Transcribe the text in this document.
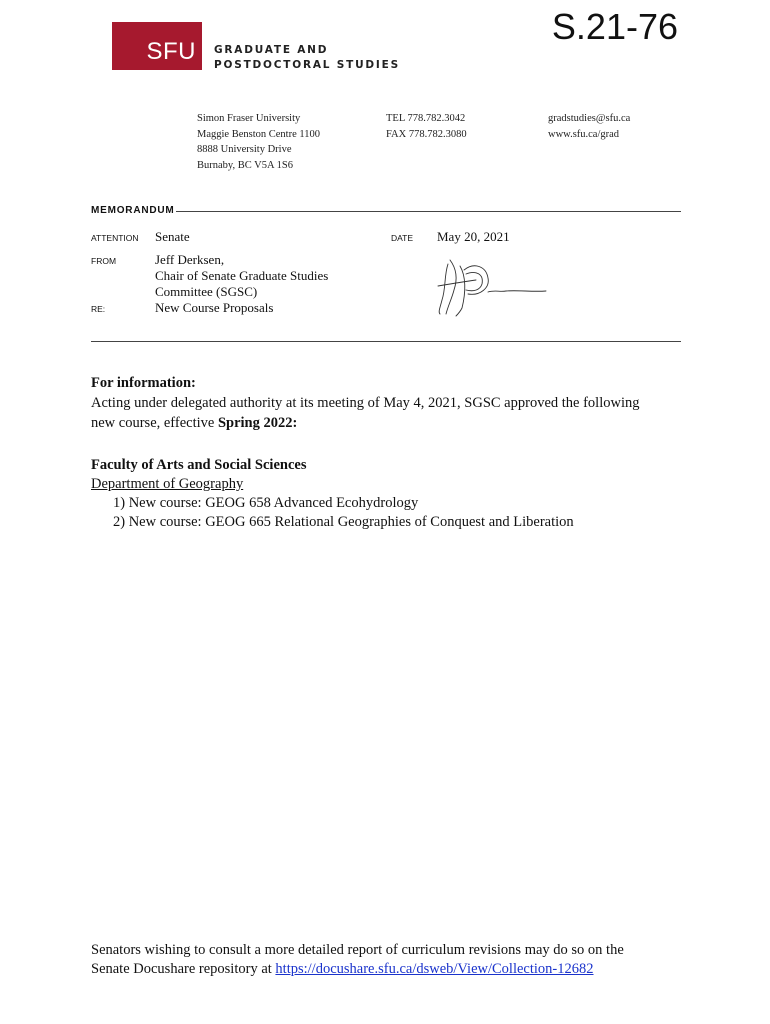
S.21-76
SFU GRADUATE AND
POSTDOCTORAL STUDIES
Simon Fraser University
Maggie Benston Centre 1100
8888 University Drive
Burnaby, BC V5A 1S6
TEL 778.782.3042
FAX 778.782.3080
gradstudies@sfu.ca
www.sfu.ca/grad
MEMORANDUM
ATTENTION Senate	DATE May 20, 2021
FROM	Jeff Derksen,
Chair of Senate Graduate Studies
Committee (SGSC)
RE:	New Course Proposals
For information:
Acting under delegated authority at its meeting of May 4, 2021, SGSC approved the following
new course, effective Spring 2022:
Faculty of Arts and Social Sciences
Department of Geography
1) New course: GEOG 658 Advanced Ecohydrology
2) New course: GEOG 665 Relational Geographies of Conquest and Liberation
Senators wishing to consult a more detailed report of curriculum revisions may do so on the
Senate Docushare repository at https://docushare.sfu.ca/dsweb/View/Collection-12682
